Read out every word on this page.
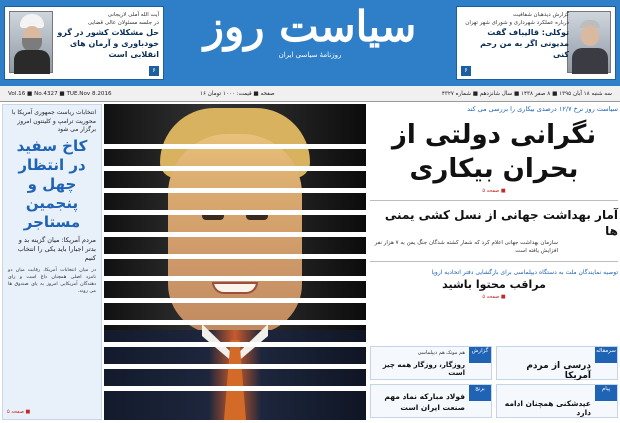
آیت الله آملی لاریجانی
در جلسه مسئولان عالی قضایی
حل مشکلات کشور در گرو خودباوری و آرمان های انقلابی است
۶
سیاست روز
روزنامهٔ سیاسی ایران
گزارش دیدهبان شفافیت
درباره عملکرد شهرداری و شورای شهر تهران
توکلی: قالیباف گفت مدیونی اگر به من رحم کنی
۶
سه شنبه ۱۸ آبان ۱۳۹۵ ■ ۸ صفر ۱۴۳۸ ■ سال شانزدهم ■ شماره ۴۳۲۷
۱۶ صفحه ■ قیمت: ۱۰۰۰ تومان
Vol.16 ■ No.4327 ■ TUE.Nov 8.2016
انتخابات ریاست جمهوری آمریکا با محوریت ترامپ و کلینتون امروز برگزار می شود
کاخ سفید در انتظار چهل و پنجمین مستاجر
مردم آمریکا: میان گزینه بد و بدتر اجبارا باید یکی را انتخاب کنیم
در میان انتخابات آمریکا، رقابت میان دو نامزد اصلی همچنان داغ است و رای دهندگان آمریکایی امروز به پای صندوق ها می روند.
صفحه ۵ ■
سیاست روز نرخ ۱۲/۷ درصدی بیکاری را بررسی می کند
نگرانی دولتی از بحران بیکاری
صفحه ۵ ■
آمار بهداشت جهانی از نسل کشی یمنی ها
سازمان بهداشت جهانی اعلام کرد که شمار کشته شدگان جنگ یمن به ۷ هزار نفر افزایش یافته است
توصیه نمایندگان ملت به دستگاه دیپلماسی برای بازگشایی دفتر اتحادیه اروپا
مراقب محتوا باشید
صفحه ۵ ■
سرمقاله
درسی از مردم آمریکا
گزارش
هم موتک هم دیپلماسی
روزگار، روزگار همه چیز است
پیام
عیدشکنی همچنان ادامه دارد
برنج
فولاد مبارکه نماد مهم صنعت ایران است
